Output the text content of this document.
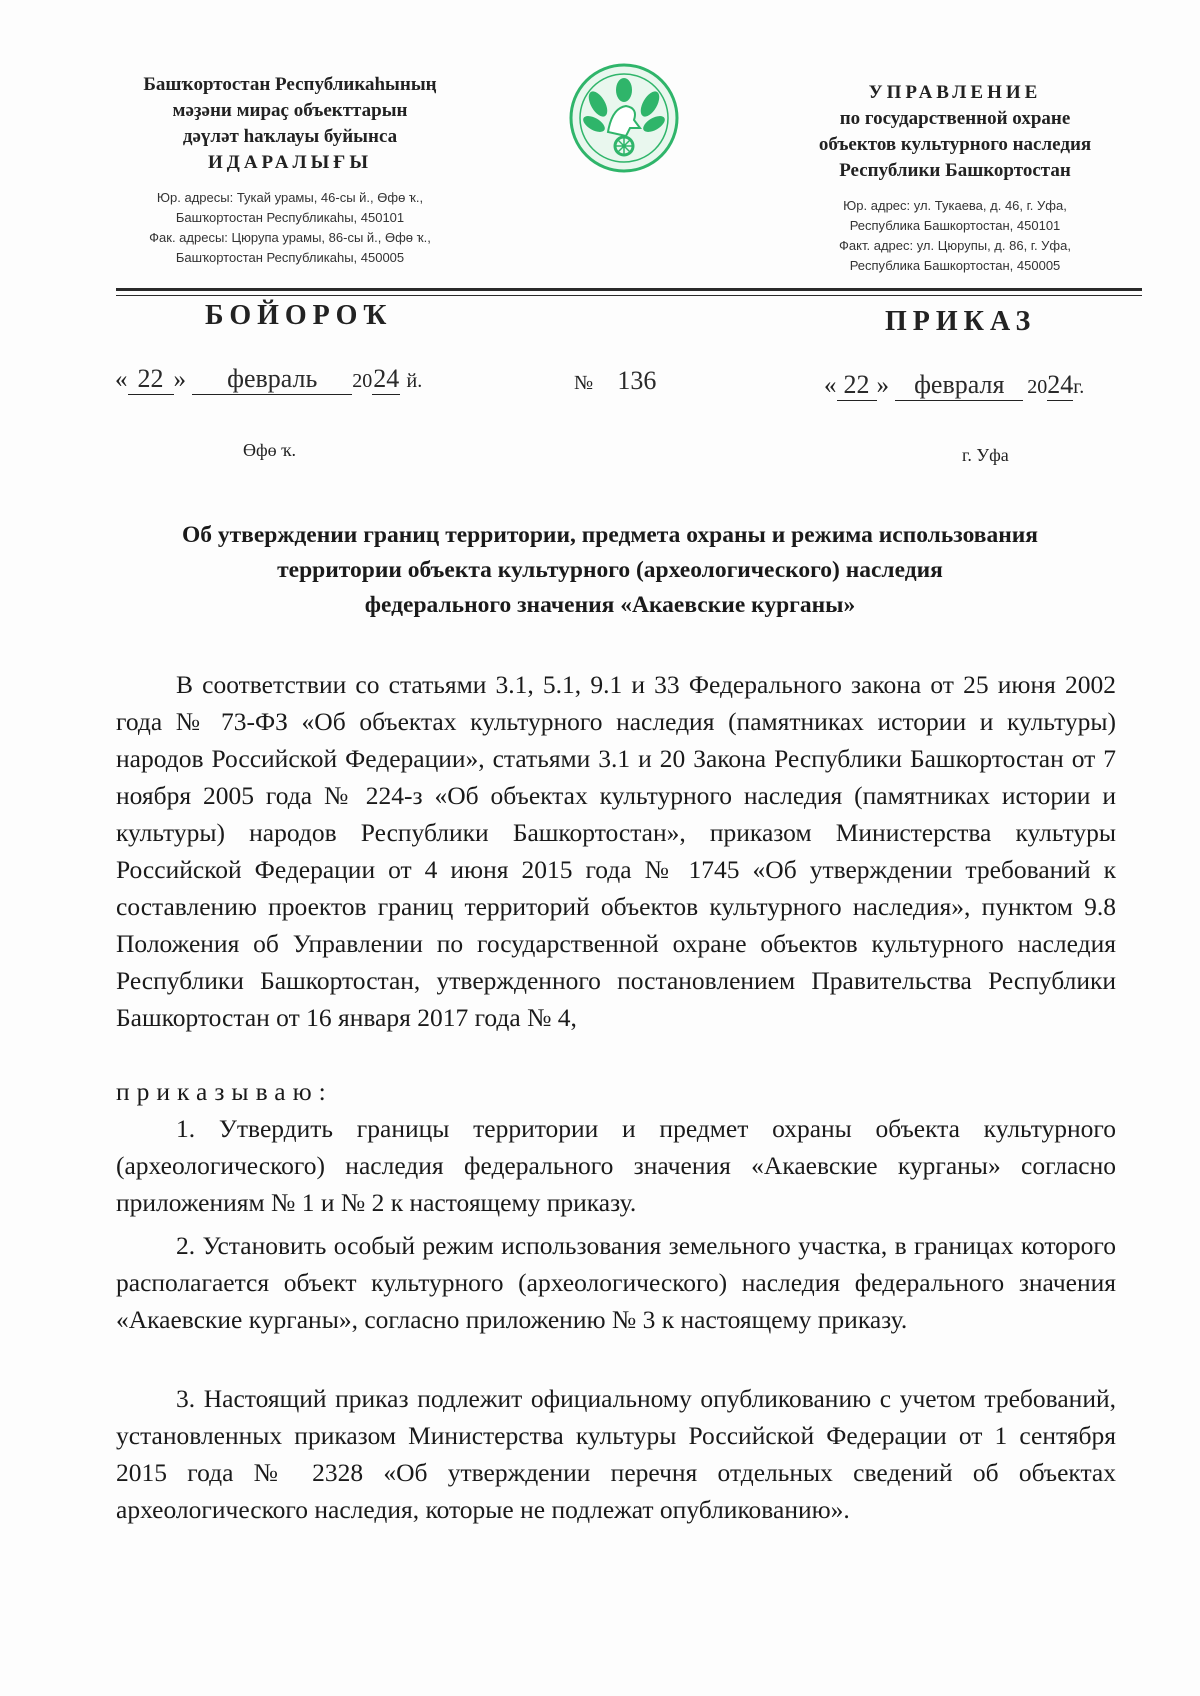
Башҡортостан Республикаһының
мәҙәни мираҫ объекттарын
дәүләт һаҡлауы буйынса
ИДАРАЛЫҒЫ
Юр. адресы: Тукай урамы, 46-сы й., Өфө ҡ.,
Башҡортостан Республикаһы, 450101
Фак. адресы: Цюрупа урамы, 86-сы й., Өфө ҡ.,
Башҡортостан Республикаһы, 450005
УПРАВЛЕНИЕ
по государственной охране
объектов культурного наследия
Республики Башкортостан
Юр. адрес: ул. Тукаева, д. 46, г. Уфа,
Республика Башкортостан, 450101
Факт. адрес: ул. Цюрупы, д. 86, г. Уфа,
Республика Башкортостан, 450005
БОЙОРОҠ	ПРИКАЗ
« 22 » февраль 2024 й.	№ 136	« 22 » февраля 2024г.
Өфө ҡ.	г. Уфа
Об утверждении границ территории, предмета охраны и режима использования
территории объекта культурного (археологического) наследия
федерального значения «Акаевские курганы»
В соответствии со статьями 3.1, 5.1, 9.1 и 33 Федерального закона от 25 июня 2002 года № 73-ФЗ «Об объектах культурного наследия (памятниках истории и культуры) народов Российской Федерации», статьями 3.1 и 20 Закона Республики Башкортостан от 7 ноября 2005 года № 224-з «Об объектах культурного наследия (памятниках истории и культуры) народов Республики Башкортостан», приказом Министерства культуры Российской Федерации от 4 июня 2015 года № 1745 «Об утверждении требований к составлению проектов границ территорий объектов культурного наследия», пунктом 9.8 Положения об Управлении по государственной охране объектов культурного наследия Республики Башкортостан, утвержденного постановлением Правительства Республики Башкортостан от 16 января 2017 года № 4,
приказываю:
1. Утвердить границы территории и предмет охраны объекта культурного (археологического) наследия федерального значения «Акаевские курганы» согласно приложениям № 1 и № 2 к настоящему приказу.
2. Установить особый режим использования земельного участка, в границах которого располагается объект культурного (археологического) наследия федерального значения «Акаевские курганы», согласно приложению № 3 к настоящему приказу.
3. Настоящий приказ подлежит официальному опубликованию с учетом требований, установленных приказом Министерства культуры Российской Федерации от 1 сентября 2015 года № 2328 «Об утверждении перечня отдельных сведений об объектах археологического наследия, которые не подлежат опубликованию».
